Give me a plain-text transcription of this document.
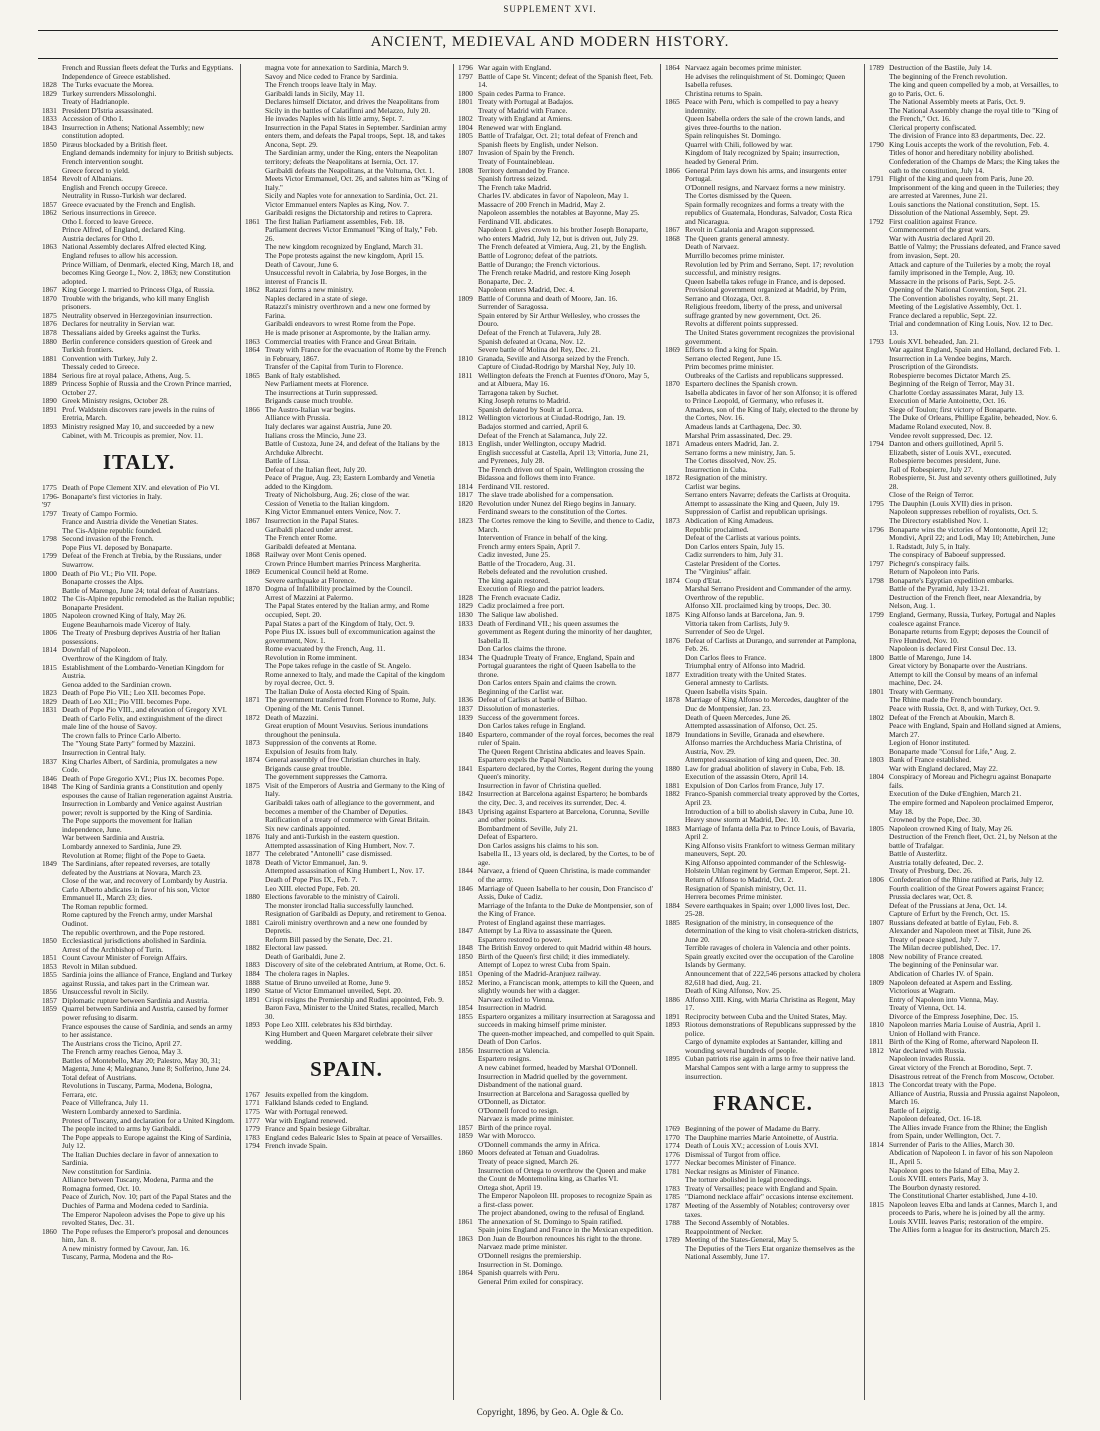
SUPPLEMENT XVI.
ANCIENT, MEDIEVAL AND MODERN HISTORY.
French and Russian fleets defeat the Turks and Egyptians.
Independence of Greece established.
1828 The Turks evacuate the Morea.
1829 Turkey surrenders Missolonghi.
Treaty of Hadrianople.
1831 President D'Istria assassinated.
1833 Accession of Otho I.
1843 Insurrection in Athens; National Assembly; new constitution adopted.
1850 Piræus blockaded by a British fleet.
England demands indemnity for injury to British subjects.
French intervention sought.
Greece forced to yield.
1854 Revolt of Albanians.
English and French occupy Greece.
Neutrality in Russo-Turkish war declared.
1857 Greece evacuated by the French and English.
1862 Serious insurrections in Greece.
Otho I. forced to leave Greece.
Prince Alfred, of England, declared King.
Austria declares for Otho I.
1863 National Assembly declares Alfred elected King.
England refuses to allow his accession.
Prince William, of Denmark, elected King, March 18, and becomes King George I., Nov. 2, 1863; new Constitution adopted.
1867 King George I. married to Princess Olga, of Russia.
1870 Trouble with the brigands, who kill many English prisoners.
1875 Neutrality observed in Herzegovinian insurrection.
1876 Declares for neutrality in Servian war.
1878 Thessalians aided by Greeks against the Turks.
1880 Berlin conference considers question of Greek and Turkish frontiers.
1881 Convention with Turkey, July 2.
Thessaly ceded to Greece.
1884 Serious fire at royal palace, Athens, Aug. 5.
1889 Princess Sophie of Russia and the Crown Prince married, October 27.
1890 Greek Ministry resigns, October 28.
1891 Prof. Waldstein discovers rare jewels in the ruins of Eretria, March.
1893 Ministry resigned May 10, and succeeded by a new Cabinet, with M. Tricoupis as premier, Nov. 11.
ITALY.
1775 Death of Pope Clement XIV. and elevation of Pio VI.
1796-'97
Bonaparte's first victories in Italy.
1797 Treaty of Campo Formio.
France and Austria divide the Venetian States.
The Cis-Alpine republic founded.
1798 Second invasion of the French.
Pope Pius VI. deposed by Bonaparte.
1799 Defeat of the French at Trebia, by the Russians, under Suwarrow.
1800 Death of Pio VI.; Pio VII. Pope.
Bonaparte crosses the Alps.
Battle of Marengo, June 24; total defeat of Austrians.
1802 The Cis-Alpine republic remodeled as the Italian republic; Bonaparte President.
1805 Napoleon crowned King of Italy, May 26.
Eugene Beauharnois made Viceroy of Italy.
1806 The Treaty of Presburg deprives Austria of her Italian possessions.
1814 Downfall of Napoleon.
Overthrow of the Kingdom of Italy.
1815 Establishment of the Lombardo-Venetian Kingdom for Austria.
Genoa added to the Sardinian crown.
1823 Death of Pope Pio VII.; Leo XII. becomes Pope.
1829 Death of Leo XII.; Pio VIII. becomes Pope.
1831 Death of Pope Pio VIII., and elevation of Gregory XVI.
Death of Carlo Felix, and extinguishment of the direct male line of the house of Savoy.
The crown falls to Prince Carlo Alberto.
The "Young State Party" formed by Mazzini.
Insurrection in Central Italy.
1837 King Charles Albert, of Sardinia, promulgates a new Code.
1846 Death of Pope Gregorio XVI.; Pius IX. becomes Pope.
1848 The King of Sardinia grants a Constitution and openly espouses the cause of Italian regeneration against Austria.
Insurrection in Lombardy and Venice against Austrian power; revolt is supported by the King of Sardinia.
The Pope supports the movement for Italian independence, June.
War between Sardinia and Austria.
Lombardy annexed to Sardinia, June 29.
Revolution at Rome; flight of the Pope to Gaeta.
1849 The Sardinians, after repeated reverses, are totally defeated by the Austrians at Novara, March 23.
Close of the war, and recovery of Lombardy by Austria.
Carlo Alberto abdicates in favor of his son, Victor Emmanuel II., March 23; dies.
The Roman republic formed.
Rome captured by the French army, under Marshal Oudinot.
The republic overthrown, and the Pope restored.
1850 Ecclesiastical jurisdictions abolished in Sardinia.
Arrest of the Archbishop of Turin.
1851 Count Cavour Minister of Foreign Affairs.
1853 Revolt in Milan subdued.
1855 Sardinia joins the alliance of France, England and Turkey against Russia, and takes part in the Crimean war.
1856 Unsuccessful revolt in Sicily.
1857 Diplomatic rupture between Sardinia and Austria.
1859 Quarrel between Sardinia and Austria, caused by former power refusing to disarm.
France espouses the cause of Sardinia, and sends an army to her assistance.
The Austrians cross the Ticino, April 27.
The French army reaches Genoa, May 3.
Battles of Montebello, May 20; Palestro, May 30, 31; Magenta, June 4; Malegnano, June 8; Solferino, June 24.
Total defeat of Austrians.
Revolutions in Tuscany, Parma, Modena, Bologna, Ferrara, etc.
Peace of Villefranca, July 11.
Western Lombardy annexed to Sardinia.
Protest of Tuscany, and declaration for a United Kingdom.
The people incited to arms by Garibaldi.
The Pope appeals to Europe against the King of Sardinia, July 12.
The Italian Duchies declare in favor of annexation to Sardinia.
New constitution for Sardinia.
Alliance between Tuscany, Modena, Parma and the Romagna formed, Oct. 10.
Peace of Zurich, Nov. 10; part of the Papal States and the Duchies of Parma and Modena ceded to Sardinia.
The Emperor Napoleon advises the Pope to give up his revolted States, Dec. 31.
1860 The Pope refuses the Emperor's proposal and denounces him, Jan. 8.
A new ministry formed by Cavour, Jan. 16.
Tuscany, Parma, Modena and the Ro-
magna vote for annexation to Sardinia, March 9.
Savoy and Nice ceded to France by Sardinia.
The French troops leave Italy in May.
Garibaldi lands in Sicily, May 11.
Declares himself Dictator, and drives the Neapolitans from Sicily in the battles of Calatifinni and Melazzo, July 20.
He invades Naples with his little army, Sept. 7.
Insurrection in the Papal States in September. Sardinian army enters them, and defeats the Papal troops, Sept. 18, and takes Ancona, Sept. 29.
The Sardinian army, under the King, enters the Neapolitan territory; defeats the Neapolitans at Isernia, Oct. 17.
Garibaldi defeats the Neapolitans, at the Volturna, Oct. 1.
Meets Victor Emmanuel, Oct. 26, and salutes him as "King of Italy."
Sicily and Naples vote for annexation to Sardinia, Oct. 21.
Victor Emmanuel enters Naples as King, Nov. 7.
Garibaldi resigns the Dictatorship and retires to Caprera.
1861 The first Italian Parliament assembles, Feb. 18.
Parliament decrees Victor Emmanuel "King of Italy," Feb. 26.
The new kingdom recognized by England, March 31.
The Pope protests against the new kingdom, April 15.
Death of Cavour, June 6.
Unsuccessful revolt in Calabria, by Jose Borges, in the interest of Francis II.
1862 Ratazzi forms a new ministry.
Naples declared in a state of siege.
Ratazzi's ministry overthrown and a new one formed by Farina.
Garibaldi endeavors to wrest Rome from the Pope.
He is made prisoner at Aspromonte, by the Italian army.
1863 Commercial treaties with France and Great Britain.
1864 Treaty with France for the evacuation of Rome by the French in February, 1867.
Transfer of the Capital from Turin to Florence.
1865 Bank of Italy established.
New Parliament meets at Florence.
The insurrections at Turin suppressed.
Brigands cause much trouble.
1866 The Austro-Italian war begins.
Alliance with Prussia.
Italy declares war against Austria, June 20.
Italians cross the Mincio, June 23.
Battle of Custoza, June 24, and defeat of the Italians by the Archduke Albrecht.
Battle of Lissa.
Defeat of the Italian fleet, July 20.
Peace of Prague, Aug. 23; Eastern Lombardy and Venetia added to the Kingdom.
Treaty of Nicholsburg, Aug. 26; close of the war.
Cession of Venetia to the Italian kingdom.
King Victor Emmanuel enters Venice, Nov. 7.
1867 Insurrection in the Papal States.
Garibaldi placed under arrest.
The French enter Rome.
Garibaldi defeated at Mentana.
1868 Railway over Mont Cenis opened.
Crown Prince Humbert marries Princess Margherita.
1869 Ecumenical Council held at Rome.
Severe earthquake at Florence.
1870 Dogma of Infallibility proclaimed by the Council.
Arrest of Mazzini at Palermo.
The Papal States entered by the Italian army, and Rome occupied, Sept. 20.
Papal States a part of the Kingdom of Italy, Oct. 9.
Pope Pius IX. issues bull of excommunication against the government, Nov. 1.
Rome evacuated by the French, Aug. 11.
Revolution in Rome imminent.
The Pope takes refuge in the castle of St. Angelo.
Rome annexed to Italy, and made the Capital of the kingdom by royal decree, Oct. 9.
The Italian Duke of Aosta elected King of Spain.
1871 The government transferred from Florence to Rome, July.
Opening of the Mt. Cenis Tunnel.
1872 Death of Mazzini.
Great eruption of Mount Vesuvius. Serious inundations throughout the peninsula.
1873 Suppression of the convents at Rome.
Expulsion of Jesuits from Italy.
1874 General assembly of free Christian churches in Italy.
Brigands cause great trouble.
The government suppresses the Camorra.
1875 Visit of the Emperors of Austria and Germany to the King of Italy.
Garibaldi takes oath of allegiance to the government, and becomes a member of the Chamber of Deputies.
Ratification of a treaty of commerce with Great Britain.
Six new cardinals appointed.
1876 Italy and anti-Turkish in the eastern question.
Attempted assassination of King Humbert, Nov. 7.
1877 The celebrated "Antonelli" case dismissed.
1878 Death of Victor Emmanuel, Jan. 9.
Attempted assassination of King Humbert I., Nov. 17.
Death of Pope Pius IX., Feb. 7.
Leo XIII. elected Pope, Feb. 20.
1880 Elections favorable to the ministry of Cairoli.
The monster ironclad Italia successfully launched.
Resignation of Garibaldi as Deputy, and retirement to Genoa.
1881 Cairoli ministry overthrown and a new one founded by Depretis.
Reform Bill passed by the Senate, Dec. 21.
1882 Electoral law passed.
Death of Garibaldi, June 2.
1883 Discovery of site of the celebrated Antrium, at Rome, Oct. 6.
1884 The cholera rages in Naples.
1888 Statue of Bruno unveiled at Rome, June 9.
1890 Statue of Victor Emmanuel unveiled, Sept. 20.
1891 Crispi resigns the Premiership and Rudini appointed, Feb. 9.
Baron Fava, Minister to the United States, recalled, March 30.
1893 Pope Leo XIII. celebrates his 83d birthday.
King Humbert and Queen Margaret celebrate their silver wedding.
SPAIN.
1767 Jesuits expelled from the kingdom.
1771 Falkland Islands ceded to England.
1775 War with Portugal renewed.
1777 War with England renewed.
1779 France and Spain besiege Gibraltar.
1783 England cedes Balearic Isles to Spain at peace of Versailles.
1794 French invade Spain.
1796 War again with England.
1797 Battle of Cape St. Vincent; defeat of the Spanish fleet, Feb. 14.
1800 Spain cedes Parma to France.
1801 Treaty with Portugal at Badajos.
Treaty of Madrid with France.
1802 Treaty with England at Amiens.
1804 Renewed war with England.
1805 Battle of Trafalgar, Oct. 21; total defeat of French and Spanish fleets by English, under Nelson.
1807 Invasion of Spain by the French.
Treaty of Fountainebleau.
1808 Territory demanded by France.
Spanish fortress seized.
The French take Madrid.
Charles IV. abdicates in favor of Napoleon, May 1.
Massacre of 200 French in Madrid, May 2.
Napoleon assembles the notables at Bayonne, May 25.
Ferdinand VII. abdicates.
Napoleon I. gives crown to his brother Joseph Bonaparte, who enters Madrid, July 12, but is driven out, July 29.
The French defeated at Vimiera, Aug. 21, by the English.
Battle of Logrono; defeat of the patriots.
Battle of Durango; the French victorious.
The French retake Madrid, and restore King Joseph Bonaparte, Dec. 2.
Napoleon enters Madrid, Dec. 4.
1809 Battle of Corunna and death of Moore, Jan. 16.
Surrender of Saragossa.
Spain entered by Sir Arthur Wellesley, who crosses the Douro.
Defeat of the French at Tulavera, July 28.
Spanish defeated at Ocana, Nov. 12.
Severe battle of Molina del Rey, Dec. 21.
1810 Granada, Seville and Atsorga seized by the French.
Capture of Ciudad-Rodrigo by Marshal Ney, July 10.
1811 Wellington defeats the French at Fuentes d'Onoro, May 5, and at Albuera, May 16.
Tarragona taken by Suchet.
King Joseph returns to Madrid.
Spanish defeated by Soult at Lorca.
1812 Wellington victorious at Ciudad-Rodrigo, Jan. 19.
Badajos stormed and carried, April 6.
Defeat of the French at Salamanca, July 22.
1813 English, under Wellington, occupy Madrid.
English successful at Castella, April 13; Vittoria, June 21, and Pyrenees, July 28.
The French driven out of Spain, Wellington crossing the Bidassoa and follows them into France.
1814 Ferdinand VII. restored.
1817 The slave trade abolished for a compensation.
1820 Revolution under Nunez del Riego begins in January.
Ferdinand swears to the constitution of the Cortes.
1823 The Cortes remove the king to Seville, and thence to Cadiz, March.
Intervention of France in behalf of the king.
French army enters Spain, April 7.
Cadiz invested, June 25.
Battle of the Trocadero, Aug. 31.
Rebels defeated and the revolution crushed.
The king again restored.
Execution of Riego and the patriot leaders.
1828 The French evacuate Cadiz.
1829 Cadiz proclaimed a free port.
1830 The Salique law abolished.
1833 Death of Ferdinand VII.; his queen assumes the government as Regent during the minority of her daughter, Isabella II.
Don Carlos claims the throne.
1834 The Quadruple Treaty of France, England, Spain and Portugal guarantees the right of Queen Isabella to the throne.
Don Carlos enters Spain and claims the crown.
Beginning of the Carlist war.
1836 Defeat of Carlists at battle of Bilbao.
1837 Dissolution of monasteries.
1839 Success of the government forces.
Don Carlos takes refuge in England.
1840 Espartero, commander of the royal forces, becomes the real ruler of Spain.
The Queen Regent Christina abdicates and leaves Spain.
Espartero expels the Papal Nuncio.
1841 Espartero declared, by the Cortes, Regent during the young Queen's minority.
Insurrection in favor of Christina quelled.
1842 Insurrection at Barcelona against Espartero; he bombards the city, Dec. 3, and receives its surrender, Dec. 4.
1843 Uprising against Espartero at Barcelona, Corunna, Seville and other points.
Bombardment of Seville, July 21.
Defeat of Espartero.
Don Carlos assigns his claims to his son.
Isabella II., 13 years old, is declared, by the Cortes, to be of age.
1844 Narvaez, a friend of Queen Christina, is made commander of the army.
1846 Marriage of Queen Isabella to her cousin, Don Francisco d' Assis, Duke of Cadiz.
Marriage of the Infanta to the Duke de Montpensier, son of the King of France.
Protest of England against these marriages.
1847 Attempt by La Riva to assassinate the Queen.
Espartero restored to power.
1848 The British Envoy ordered to quit Madrid within 48 hours.
1850 Birth of the Queen's first child; it dies immediately.
Attempt of Lopez to wrest Cuba from Spain.
1851 Opening of the Madrid-Aranjuez railway.
1852 Merino, a Franciscan monk, attempts to kill the Queen, and slightly wounds her with a dagger.
Narvaez exiled to Vienna.
1854 Insurrection in Madrid.
1855 Espartero organizes a military insurrection at Saragossa and succeeds in making himself prime minister.
The queen-mother impeached, and compelled to quit Spain.
Death of Don Carlos.
1856 Insurrection at Valencia.
Espartero resigns.
A new cabinet formed, headed by Marshal O'Donnell.
Insurrection in Madrid quelled by the government.
Disbandment of the national guard.
Insurrection at Barcelona and Saragossa quelled by O'Donnell, as Dictator.
O'Donnell forced to resign.
Narvaez is made prime minister.
1857 Birth of the prince royal.
1859 War with Morocco.
O'Donnell commands the army in Africa.
1860 Moors defeated at Tetuan and Guadolras.
Treaty of peace signed, March 26.
Insurrection of Ortega to overthrow the Queen and make the Count de Montemolina king, as Charles VI.
Ortega shot, April 19.
The Emperor Napoleon III. proposes to recognize Spain as a first-class power.
The project abandoned, owing to the refusal of England.
1861 The annexation of St. Domingo to Spain ratified.
Spain joins England and France in the Mexican expedition.
1863 Don Juan de Bourbon renounces his right to the throne.
Narvaez made prime minister.
O'Donnell resigns the premiership.
Insurrection in St. Domingo.
1864 Spanish quarrels with Peru.
General Prim exiled for conspiracy.
1864 Narvaez again becomes prime minister.
He advises the relinquishment of St. Domingo; Queen Isabella refuses.
Christina returns to Spain.
1865 Peace with Peru, which is compelled to pay a heavy indemnity.
Queen Isabella orders the sale of the crown lands, and gives three-fourths to the nation.
Spain relinquishes St. Domingo.
Quarrel with Chili, followed by war.
Kingdom of Italy recognized by Spain; insurrection, headed by General Prim.
1866 General Prim lays down his arms, and insurgents enter Portugal.
O'Donnell resigns, and Narvaez forms a new ministry.
The Cortes dismissed by the Queen.
Spain formally recognizes and forms a treaty with the republics of Guatemala, Honduras, Salvador, Costa Rica and Nicaragua.
1867 Revolt in Catalonia and Aragon suppressed.
1868 The Queen grants general amnesty.
Death of Narvaez.
Murrillo becomes prime minister.
Revolution led by Prim and Serrano, Sept. 17; revolution successful, and ministry resigns.
Queen Isabella takes refuge in France, and is deposed.
Provisional government organized at Madrid, by Prim, Serrano and Olozaga, Oct. 8.
Religious freedom, liberty of the press, and universal suffrage granted by new government, Oct. 26.
Revolts at different points suppressed.
The United States government recognizes the provisional government.
1869 Efforts to find a king for Spain.
Serrano elected Regent, June 15.
Prim becomes prime minister.
Outbreaks of the Carlists and republicans suppressed.
1870 Espartero declines the Spanish crown.
Isabella abdicates in favor of her son Alfonso; it is offered to Prince Leopold, of Germany, who refuses it.
Amadeus, son of the King of Italy, elected to the throne by the Cortes, Nov. 16.
Amadeus lands at Carthagena, Dec. 30.
Marshal Prim assassinated, Dec. 29.
1871 Amadeus enters Madrid, Jan. 2.
Serrano forms a new ministry, Jan. 5.
The Cortes dissolved, Nov. 25.
Insurrection in Cuba.
1872 Resignation of the ministry.
Carlist war begins.
Serrano enters Navarre; defeats the Carlists at Oroquita.
Attempt to assassinate the King and Queen, July 19.
Suppression of Carlist and republican uprisings.
1873 Abdication of King Amadeus.
Republic proclaimed.
Defeat of the Carlists at various points.
Don Carlos enters Spain, July 15.
Cadiz surrenders to him, July 31.
Castelar President of the Cortes.
The "Virginius" affair.
1874 Coup d'Etat.
Marshal Serrano President and Commander of the army.
Overthrow of the republic.
Alfonso XII. proclaimed king by troops, Dec. 30.
1875 King Alfonso lands at Barcelona, Jan. 9.
Vittoria taken from Carlists, July 9.
Surrender of Seo de Urgel.
1876 Defeat of Carlists at Durango, and surrender at Pamplona, Feb. 26.
Don Carlos flees to France.
Triumphal entry of Alfonso into Madrid.
1877 Extradition treaty with the United States.
General amnesty to Carlists.
Queen Isabella visits Spain.
1878 Marriage of King Alfonso to Mercedes, daughter of the Duc de Montpensier, Jan. 23.
Death of Queen Mercedes, June 26.
Attempted assassination of Alfonso, Oct. 25.
1879 Inundations in Seville, Granada and elsewhere.
Alfonso marries the Archduchess Maria Christina, of Austria, Nov. 29.
Attempted assassination of king and queen, Dec. 30.
1880 Law for gradual abolition of slavery in Cuba, Feb. 18.
Execution of the assassin Otero, April 14.
1881 Expulsion of Don Carlos from France, July 17.
1882 Franco-Spanish commercial treaty approved by the Cortes, April 23.
Introduction of a bill to abolish slavery in Cuba, June 10.
Heavy snow storm at Madrid, Dec. 10.
1883 Marriage of Infanta della Paz to Prince Louis, of Bavaria, April 2.
King Alfonso visits Frankfort to witness German military maneuvers, Sept. 20.
King Alfonso appointed commander of the Schleswig-Holstein Uhlan regiment by German Emperor, Sept. 21.
Return of Alfonso to Madrid, Oct. 2.
Resignation of Spanish ministry, Oct. 11.
Herrera becomes Prime minister.
1884 Severe earthquakes in Spain; over 1,000 lives lost, Dec. 25-28.
1885 Resignation of the ministry, in consequence of the determination of the king to visit cholera-stricken districts, June 20.
Terrible ravages of cholera in Valencia and other points.
Spain greatly excited over the occupation of the Caroline Islands by Germany.
Announcement that of 222,546 persons attacked by cholera 82,618 had died, Aug. 21.
Death of King Alfonso, Nov. 25.
1886 Alfonso XIII. King, with Maria Christina as Regent, May 17.
1891 Reciprocity between Cuba and the United States, May.
1893 Riotous demonstrations of Republicans suppressed by the police.
Cargo of dynamite explodes at Santander, killing and wounding several hundreds of people.
1895 Cuban patriots rise again in arms to free their native land. Marshal Campos sent with a large army to suppress the insurrection.
FRANCE.
1769 Beginning of the power of Madame du Barry.
1770 The Dauphine marries Marie Antoinette, of Austria.
1774 Death of Louis XV.; accession of Louis XVI.
1776 Dismissal of Turgot from office.
1777 Neckar becomes Minister of Finance.
1781 Neckar resigns as Minister of Finance.
The torture abolished in legal proceedings.
1783 Treaty of Versailles; peace with England and Spain.
1785 "Diamond necklace affair" occasions intense excitement.
1787 Meeting of the Assembly of Notables; controversy over taxes.
1788 The Second Assembly of Notables.
Reappointment of Necker.
1789 Meeting of the States-General, May 5.
The Deputies of the Tiers Etat organize themselves as the National Assembly, June 17.
1789 Destruction of the Bastile, July 14.
The beginning of the French revolution.
The king and queen compelled by a mob, at Versailles, to go to Paris, Oct. 6.
The National Assembly meets at Paris, Oct. 9.
The National Assembly change the royal title to "King of the French," Oct. 16.
Clerical property confiscated.
The division of France into 83 departments, Dec. 22.
1790 King Louis accepts the work of the revolution, Feb. 4.
Titles of honor and hereditary nobility abolished.
Confederation of the Champs de Mars; the King takes the oath to the constitution, July 14.
1791 Flight of the king and queen from Paris, June 20.
Imprisonment of the king and queen in the Tuileries; they are arrested at Varennes, June 21.
Louis sanctions the National constitution, Sept. 15.
Dissolution of the National Assembly, Sept. 29.
1792 First coalition against France.
Commencement of the great wars.
War with Austria declared April 20.
Battle of Valmy; the Prussians defeated, and France saved from invasion, Sept. 20.
Attack and capture of the Tuileries by a mob; the royal family imprisoned in the Temple, Aug. 10.
Massacre in the prisons of Paris, Sept. 2-5.
Opening of the National Convention, Sept. 21.
The Convention abolishes royalty, Sept. 21.
Meeting of the Legislative Assembly, Oct. 1.
France declared a republic, Sept. 22.
Trial and condemnation of King Louis, Nov. 12 to Dec. 13.
1793 Louis XVI. beheaded, Jan. 21.
War against England, Spain and Holland, declared Feb. 1.
Insurrection in La Vendee begins, March.
Proscription of the Girondists.
Robespierre becomes Dictator March 25.
Beginning of the Reign of Terror, May 31.
Charlotte Corday assassinates Marat, July 13.
Execution of Marie Antoinette, Oct. 16.
Siege of Toulon; first victory of Bonaparte.
The Duke of Orleans, Phillipe Egalite, beheaded, Nov. 6.
Madame Roland executed, Nov. 8.
Vendee revolt suppressed, Dec. 12.
1794 Danton and others guillotined, April 5.
Elizabeth, sister of Louis XVI., executed.
Robespierre becomes president, June.
Fall of Robespierre, July 27.
Robespierre, St. Just and seventy others guillotined, July 28.
Close of the Reign of Terror.
1795 The Dauphin (Louis XVII) dies in prison.
Napoleon suppresses rebellion of royalists, Oct. 5.
The Directory established Nov. 1.
1796 Bonaparte wins the victories of Montonotte, April 12; Mondivi, April 22; and Lodi, May 10; Attebirchen, June 1. Radstadt, July 5, in Italy.
The conspiracy of Baboeuf suppressed.
1797 Pichegru's conspiracy fails.
Return of Napoleon into Paris.
1798 Bonaparte's Egyptian expedition embarks.
Battle of the Pyramid, July 13-21.
Destruction of the French fleet, near Alexandria, by Nelson, Aug. 1.
1799 England, Germany, Russia, Turkey, Portugal and Naples coalesce against France.
Bonaparte returns from Egypt; deposes the Council of Five Hundred, Nov. 10.
Napoleon is declared First Consul Dec. 13.
1800 Battle of Marengo, June 14.
Great victory by Bonaparte over the Austrians.
Attempt to kill the Consul by means of an infernal machine, Dec. 24.
1801 Treaty with Germany.
The Rhine made the French boundary.
Peace with Russia, Oct. 8, and with Turkey, Oct. 9.
1802 Defeat of the French at Aboukin, March 8.
Peace with England, Spain and Holland signed at Amiens, March 27.
Legion of Honor instituted.
Bonaparte made "Consul for Life," Aug. 2.
1803 Bank of France established.
War with England declared, May 22.
1804 Conspiracy of Moreau and Pichegru against Bonaparte fails.
Execution of the Duke d'Enghien, March 21.
The empire formed and Napoleon proclaimed Emperor, May 18.
Crowned by the Pope, Dec. 30.
1805 Napoleon crowned King of Italy, May 26.
Destruction of the French fleet, Oct. 21, by Nelson at the battle of Trafalgar.
Battle of Austerlitz.
Austria totally defeated, Dec. 2.
Treaty of Presburg, Dec. 26.
1806 Confederation of the Rhine ratified at Paris, July 12.
Fourth coalition of the Great Powers against France; Prussia declares war, Oct. 8.
Defeat of the Prussians at Jena, Oct. 14.
Capture of Erfurt by the French, Oct. 15.
1807 Russians defeated at battle of Eylau, Feb. 8.
Alexander and Napoleon meet at Tilsit, June 26.
Treaty of peace signed, July 7.
The Milan decree published, Dec. 17.
1808 New nobility of France created.
The beginning of the Peninsular war.
Abdication of Charles IV. of Spain.
1809 Napoleon defeated at Aspern and Essling.
Victorious at Wagram.
Entry of Napoleon into Vienna, May.
Treaty of Vienna, Oct. 14.
Divorce of the Empress Josephine, Dec. 15.
1810 Napoleon marries Maria Louise of Austria, April 1.
Union of Holland with France.
1811 Birth of the King of Rome, afterward Napoleon II.
1812 War declared with Russia.
Napoleon invades Russia.
Great victory of the French at Borodino, Sept. 7.
Disastrous retreat of the French from Moscow, October.
1813 The Concordat treaty with the Pope.
Alliance of Austria, Russia and Prussia against Napoleon, March 16.
Battle of Leipzig.
Napoleon defeated, Oct. 16-18.
The Allies invade France from the Rhine; the English from Spain, under Wellington, Oct. 7.
1814 Surrender of Paris to the Allies, March 30.
Abdication of Napoleon I. in favor of his son Napoleon II., April 5.
Napoleon goes to the Island of Elba, May 2.
Louis XVIII. enters Paris, May 3.
The Bourbon dynasty restored.
The Constitutional Charter established, June 4-10.
1815 Napoleon leaves Elba and lands at Cannes, March 1, and proceeds to Paris, where he is joined by all the army.
Louis XVIII. leaves Paris; restoration of the empire.
The Allies form a league for its destruction, March 25.
Copyright, 1896, by Geo. A. Ogle & Co.
